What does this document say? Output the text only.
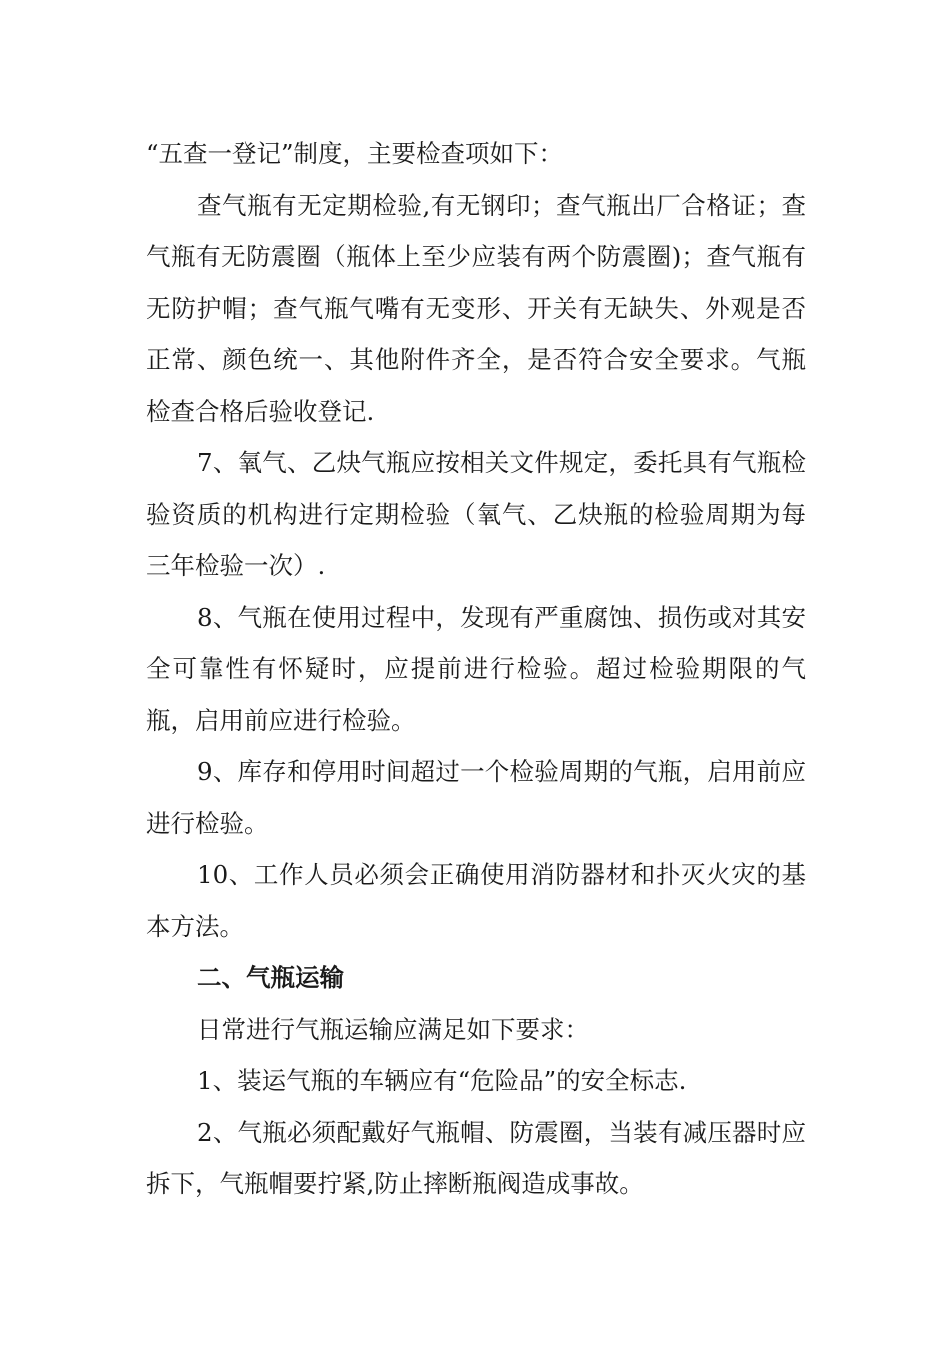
“五查一登记”制度，主要检查项如下：

查气瓶有无定期检验,有无钢印；查气瓶出厂合格证；查气瓶有无防震圈（瓶体上至少应装有两个防震圈)；查气瓶有无防护帽；查气瓶气嘴有无变形、开关有无缺失、外观是否正常、颜色统一、其他附件齐全，是否符合安全要求。气瓶检查合格后验收登记.

7、氧气、乙炔气瓶应按相关文件规定，委托具有气瓶检验资质的机构进行定期检验（氧气、乙炔瓶的检验周期为每三年检验一次）.

8、气瓶在使用过程中，发现有严重腐蚀、损伤或对其安全可靠性有怀疑时，应提前进行检验。超过检验期限的气瓶，启用前应进行检验。

9、库存和停用时间超过一个检验周期的气瓶，启用前应进行检验。

10、工作人员必须会正确使用消防器材和扑灭火灾的基本方法。

二、气瓶运输

日常进行气瓶运输应满足如下要求：

1、装运气瓶的车辆应有“危险品”的安全标志.

2、气瓶必须配戴好气瓶帽、防震圈，当装有减压器时应拆下，气瓶帽要拧紧,防止摔断瓶阀造成事故。
